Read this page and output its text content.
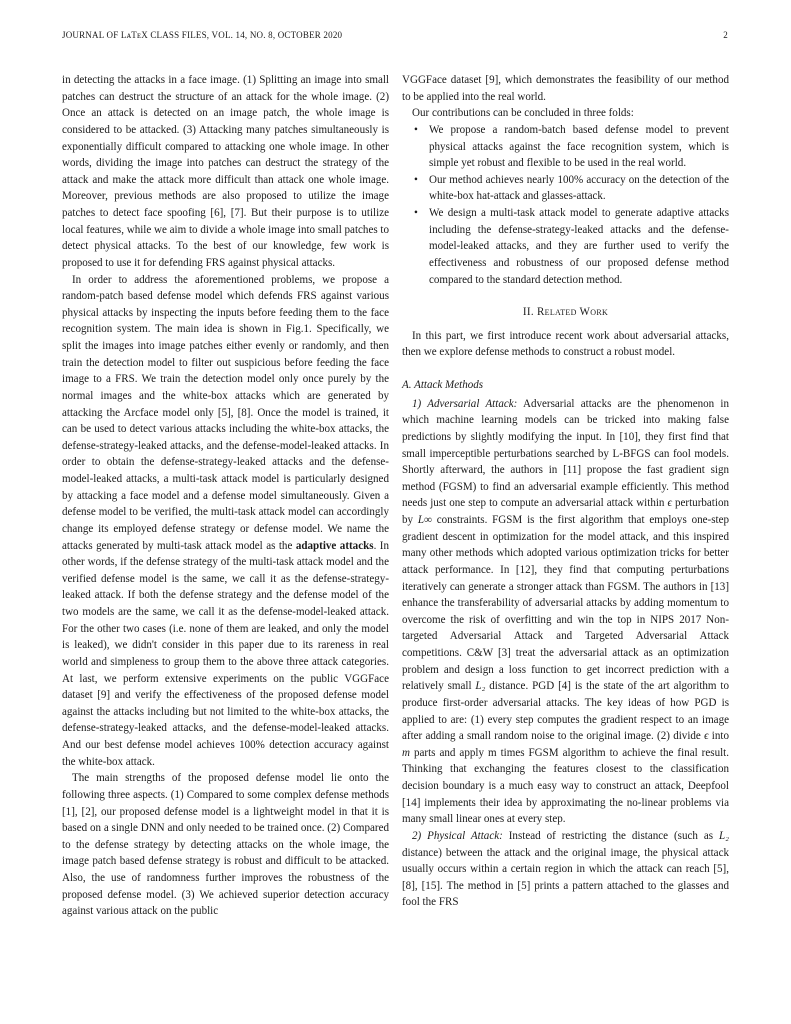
JOURNAL OF LᴀTᴇX CLASS FILES, VOL. 14, NO. 8, OCTOBER 2020	2

in detecting the attacks in a face image. (1) Splitting an image into small patches can destruct the structure of an attack for the whole image. (2) Once an attack is detected on an image patch, the whole image is considered to be attacked. (3) Attacking many patches simultaneously is exponentially difficult compared to attacking one whole image. In other words, dividing the image into patches can destruct the strategy of the attack and make the attack more difficult than attack one whole image. Moreover, previous methods are also proposed to utilize the image patches to detect face spoofing [6], [7]. But their purpose is to utilize local features, while we aim to divide a whole image into small patches to detect physical attacks. To the best of our knowledge, few work is proposed to use it for defending FRS against physical attacks.

In order to address the aforementioned problems, we propose a random-patch based defense model which defends FRS against various physical attacks by inspecting the inputs before feeding them to the face recognition system. The main idea is shown in Fig.1. Specifically, we split the images into image patches either evenly or randomly, and then train the detection model to filter out suspicious before feeding the face image to a FRS. We train the detection model only once purely by the normal images and the white-box attacks which are generated by attacking the Arcface model only [5], [8]. Once the model is trained, it can be used to detect various attacks including the white-box attacks, the defense-strategy-leaked attacks, and the defense-model-leaked attacks. In order to obtain the defense-strategy-leaked attacks and the defense-model-leaked attacks, a multi-task attack model is particularly designed by attacking a face model and a defense model simultaneously. Given a defense model to be verified, the multi-task attack model can accordingly change its employed defense strategy or defense model. We name the attacks generated by multi-task attack model as the adaptive attacks. In other words, if the defense strategy of the multi-task attack model and the verified defense model is the same, we call it as the defense-strategy-leaked attack. If both the defense strategy and the defense model of the two models are the same, we call it as the defense-model-leaked attack. For the other two cases (i.e. none of them are leaked, and only the model is leaked), we didn't consider in this paper due to its rareness in real world and simpleness to group them to the above three attack categories. At last, we perform extensive experiments on the public VGGFace dataset [9] and verify the effectiveness of the proposed defense model against the attacks including but not limited to the white-box attacks, the defense-strategy-leaked attacks, and the defense-model-leaked attacks. And our best defense model achieves 100% detection accuracy against the white-box attack.

The main strengths of the proposed defense model lie onto the following three aspects. (1) Compared to some complex defense methods [1], [2], our proposed defense model is a lightweight model in that it is based on a single DNN and only needed to be trained once. (2) Compared to the defense strategy by detecting attacks on the whole image, the image patch based defense strategy is robust and difficult to be attacked. Also, the use of randomness further improves the robustness of the proposed defense model. (3) We achieved superior detection accuracy against various attack on the public

VGGFace dataset [9], which demonstrates the feasibility of our method to be applied into the real world.

Our contributions can be concluded in three folds:

• We propose a random-batch based defense model to prevent physical attacks against the face recognition system, which is simple yet robust and flexible to be used in the real world.
• Our method achieves nearly 100% accuracy on the detection of the white-box hat-attack and glasses-attack.
• We design a multi-task attack model to generate adaptive attacks including the defense-strategy-leaked attacks and the defense-model-leaked attacks, and they are further used to verify the effectiveness and robustness of our proposed defense method compared to the standard detection method.
II. Related Work

In this part, we first introduce recent work about adversarial attacks, then we explore defense methods to construct a robust model.

A. Attack Methods

1) Adversarial Attack: Adversarial attacks are the phenomenon in which machine learning models can be tricked into making false predictions by slightly modifying the input. In [10], they first find that small imperceptible perturbations searched by L-BFGS can fool models. Shortly afterward, the authors in [11] propose the fast gradient sign method (FGSM) to find an adversarial example efficiently. This method needs just one step to compute an adversarial attack within ϵ perturbation by L∞ constraints. FGSM is the first algorithm that employs one-step gradient descent in optimization for the model attack, and this inspired many other methods which adopted various optimization tricks for better attack performance. In [12], they find that computing perturbations iteratively can generate a stronger attack than FGSM. The authors in [13] enhance the transferability of adversarial attacks by adding momentum to overcome the risk of overfitting and win the top in NIPS 2017 Non-targeted Adversarial Attack and Targeted Adversarial Attack competitions. C&W [3] treat the adversarial attack as an optimization problem and design a loss function to get incorrect prediction with a relatively small L₂ distance. PGD [4] is the state of the art algorithm to produce first-order adversarial attacks. The key ideas of how PGD is applied to are: (1) every step computes the gradient respect to an image after adding a small random noise to the original image. (2) divide ϵ into m parts and apply m times FGSM algorithm to achieve the final result. Thinking that exchanging the features closest to the classification decision boundary is a much easy way to construct an attack, Deepfool [14] implements their idea by approximating the no-linear problems via many small linear ones at every step.

2) Physical Attack: Instead of restricting the distance (such as L₂ distance) between the attack and the original image, the physical attack usually occurs within a certain region in which the attack can reach [5], [8], [15]. The method in [5] prints a pattern attached to the glasses and fool the FRS
